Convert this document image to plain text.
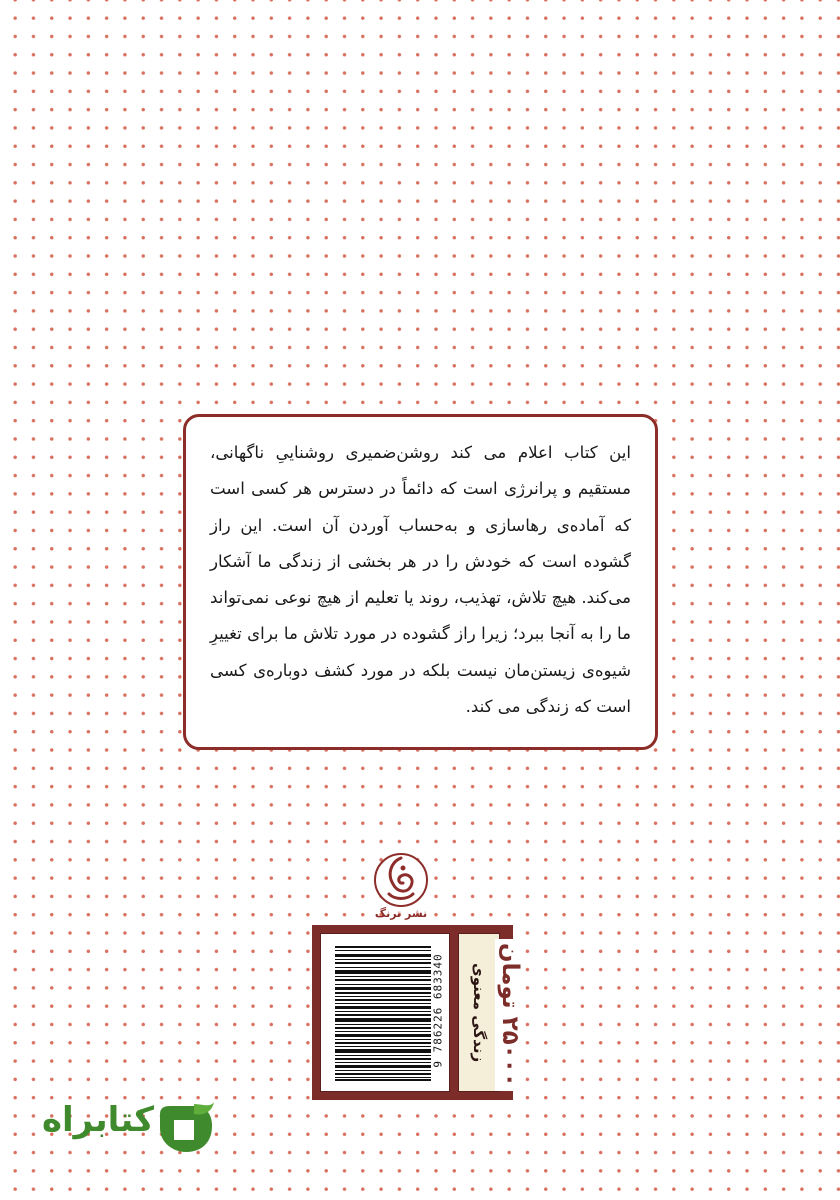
این کتاب اعلام می کند روشن‌ضمیری روشناییِ ناگهانی، مستقیم و پرانرژی است که دائماً در دسترس هر کسی است که آماده‌ی رهاسازی و به‌حساب آوردن آن است. این راز گشوده است که خودش را در هر بخشی از زندگی ما آشکار می‌کند. هیچ تلاش، تهذیب، روند یا تعلیم از هیچ نوعی نمی‌تواند ما را به آنجا ببرد؛ زیرا راز گشوده در مورد تلاش ما برای تغییرِ شیوه‌ی زیستن‌مان نیست بلکه در مورد کشف دوباره‌ی کسی است که زندگی می کند.

نشر ترنگ
9 786226 683340 زندگی معنوی ۲۵۰۰۰ تومان
کتابراه
